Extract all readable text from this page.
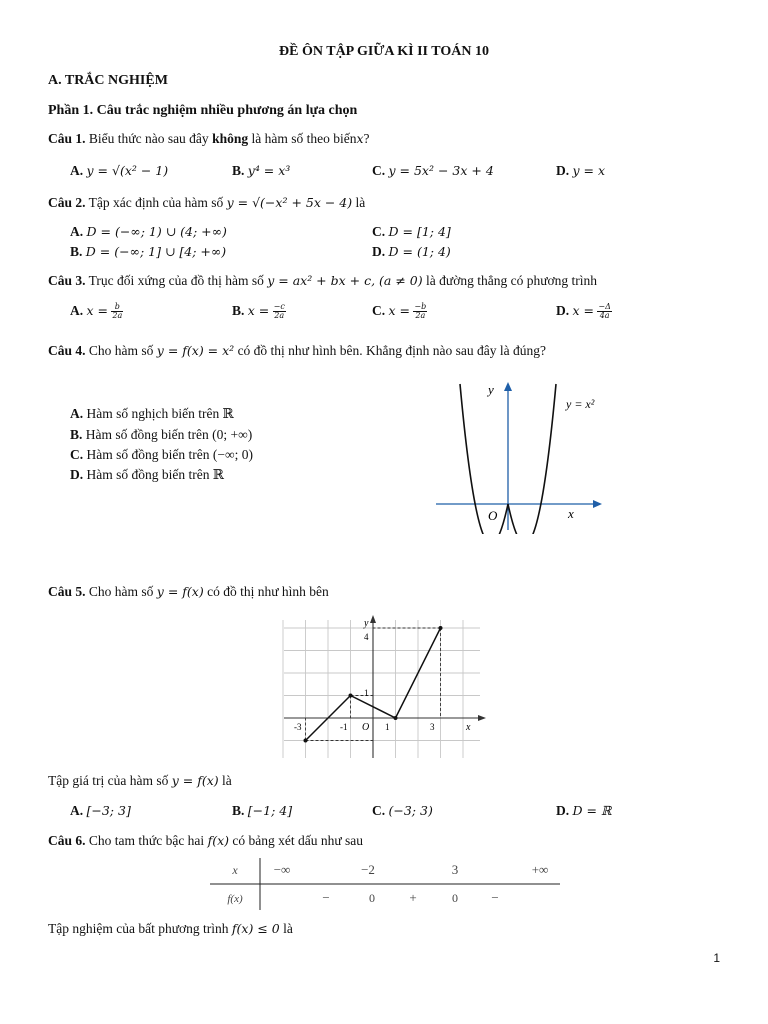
ĐỀ ÔN TẬP GIỮA KÌ II TOÁN 10
A. TRẮC NGHIỆM
Phần 1. Câu trắc nghiệm nhiều phương án lựa chọn
Câu 1. Biểu thức nào sau đây không là hàm số theo biếnx?
A. y = √(x² − 1)	B. y⁴ = x³	C. y = 5x² − 3x + 4	D. y = x
Câu 2. Tập xác định của hàm số y = √(−x² + 5x − 4) là
A. D = (−∞; 1) ∪ (4; +∞)	C. D = [1; 4]
B. D = (−∞; 1] ∪ [4; +∞)	D. D = (1; 4)
Câu 3. Trục đối xứng của đồ thị hàm số y = ax² + bx + c, (a ≠ 0) là đường thẳng có phương trình
A. $x = \frac{b}{2a}$	B. $x = \frac{-c}{2a}$	C. $x = \frac{-b}{2a}$	D. $x = \frac{-\Delta}{4a}$
Câu 4. Cho hàm số y = f(x) = x² có đồ thị như hình bên. Khẳng định nào sau đây là đúng?
A. Hàm số nghịch biến trên ℝ
B. Hàm số đồng biến trên (0; +∞)
C. Hàm số đồng biến trên (−∞; 0)
D. Hàm số đồng biến trên ℝ
y
x
O
y = x²
Câu 5. Cho hàm số y = f(x) có đồ thị như hình bên
y
x
O
-3	-1	1	3
4
1
Tập giá trị của hàm số y = f(x) là
A. [−3; 3]	B. [−1; 4]	C. (−3; 3)	D. D = ℝ
Câu 6. Cho tam thức bậc hai f(x) có bảng xét dấu như sau
x	−∞	−2	3	+∞
f(x)	−	0	+	0	−
Tập nghiệm của bất phương trình f(x) ≤ 0 là
1
